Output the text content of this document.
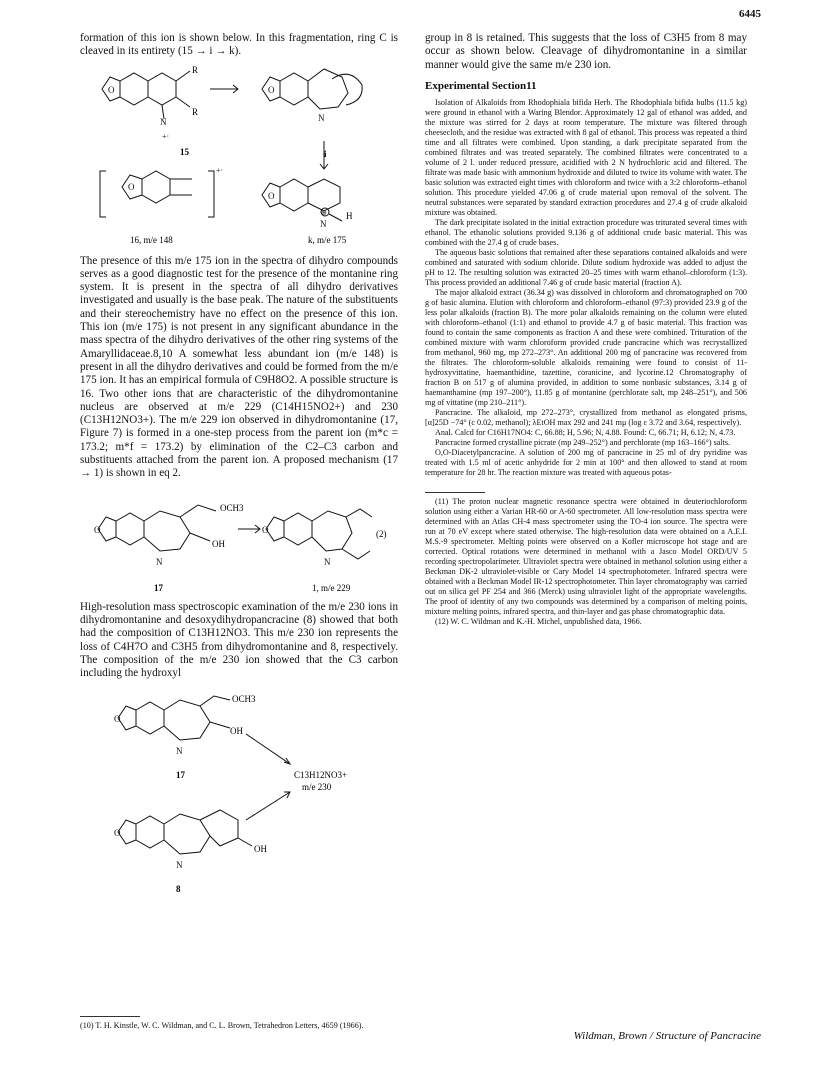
6445

formation of this ion is shown below. In this fragmentation, ring C is cleaved in its entirety (15 → i → k).

O
N
+·
O
N
O
+·
O
⊕
N
R
R
15	i
16, m/e 148	k, m/e 175
H

The presence of this m/e 175 ion in the spectra of dihydro compounds serves as a good diagnostic test for the presence of the montanine ring system. It is present in the spectra of all dihydro derivatives investigated and usually is the base peak. The nature of the substituents and their stereochemistry have no effect on the presence of this ion. This ion (m/e 175) is not present in any significant abundance in the mass spectra of the dihydro derivatives of the other ring systems of the Amaryllidaceae.8,10 A somewhat less abundant ion (m/e 148) is present in all the dihydro derivatives and could be formed from the m/e 175 ion. It has an empirical formula of C9H8O2. A possible structure is 16. Two other ions that are characteristic of the dihydromontanine nucleus are observed at m/e 229 (C14H15NO2+) and 230 (C13H12NO3+). The m/e 229 ion observed in dihydromontanine (17, Figure 7) is formed in a one-step process from the parent ion (m*c = 173.2; m*f = 173.2) by elimination of the C2–C3 carbon and substituents attached from the parent ion. A proposed mechanism (17 → 1) is shown in eq 2.

O
N
O
N
OCH3
OH
(2)
17	1, m/e 229

High-resolution mass spectroscopic examination of the m/e 230 ions in dihydromontanine and desoxydihydropancracine (8) showed that both had the composition of C13H12NO3. This m/e 230 ion represents the loss of C4H7O and C3H5 from dihydromontanine and 8, respectively. The composition of the m/e 230 ion showed that the C3 carbon including the hydroxyl

O
N
O
N
OCH3
OH
OH
17
8
C13H12NO3+
m/e 230

(10) T. H. Kinstle, W. C. Wildman, and C. L. Brown, Tetrahedron Letters, 4659 (1966).

group in 8 is retained. This suggests that the loss of C3H5 from 8 may occur as shown below. Cleavage of dihydromontanine in a similar manner would give the same m/e 230 ion.

Experimental Section11

Isolation of Alkaloids from Rhodophiala bifida Herb. The Rhodophiala bifida bulbs (11.5 kg) were ground in ethanol with a Waring Blendor. Approximately 12 gal of ethanol was added, and the mixture was stirred for 2 days at room temperature. The mixture was filtered through cheesecloth, and the residue was extracted with 8 gal of ethanol. This process was repeated a third time and all filtrates were combined. Upon standing, a dark precipitate separated from the combined filtrates and was treated separately. The combined filtrates were concentrated to a volume of 2 l. under reduced pressure, acidified with 2 N hydrochloric acid and filtered. The filtrate was made basic with ammonium hydroxide and diluted to twice its volume with water. The basic solution was extracted eight times with chloroform and twice with a 3:2 chloroform–ethanol solution. This procedure yielded 47.06 g of crude material upon removal of the solvent. The neutral substances were separated by standard extraction procedures and 27.4 g of crude alkaloid mixture was obtained.

The dark precipitate isolated in the initial extraction procedure was triturated several times with ethanol. The ethanolic solutions provided 9.136 g of additional crude basic material. This was combined with the 27.4 g of crude bases.

The aqueous basic solutions that remained after these separations contained alkaloids and were combined and saturated with sodium chloride. Dilute sodium hydroxide was added to adjust the pH to 12. The resulting solution was extracted 20–25 times with warm ethanol–chloroform (1:3). This process provided an additional 7.46 g of crude basic material (fraction A).

The major alkaloid extract (36.34 g) was dissolved in chloroform and chromatographed on 700 g of basic alumina. Elution with chloroform and chloroform–ethanol (97:3) provided 23.9 g of the less polar alkaloids (fraction B). The more polar alkaloids remaining on the column were eluted with chloroform–ethanol (1:1) and ethanol to provide 4.7 g of basic material. This fraction was found to contain the same components as fraction A and these were combined. Trituration of the combined mixture with warm chloroform provided crude pancracine which was recrystallized from methanol, 960 mg, mp 272–273°. An additional 200 mg of pancracine was recovered from the filtrates. The chloroform-soluble alkaloids remaining were found to consist of 11-hydroxyvittatine, haemanthidine, tazettine, coranicine, and lycorine.12 Chromatography of fraction B on 517 g of alumina provided, in addition to some nonbasic substances, 3.14 g of haemanthamine (mp 197–200°), 11.85 g of montanine (perchlorate salt, mp 248–251°), and 506 mg of vittatine (mp 210–211°).

Pancracine. The alkaloid, mp 272–273°, crystallized from methanol as elongated prisms, [α]25D −74° (c 0.02, methanol); λEtOH max 292 and 241 mμ (log ε 3.72 and 3.64, respectively).

Anal. Calcd for C16H17NO4: C, 66.88; H, 5.96; N, 4.88. Found: C, 66.71; H, 6.12; N, 4.73.

Pancracine formed crystalline picrate (mp 249–252°) and perchlorate (mp 163–166°) salts.

O,O-Diacetylpancracine. A solution of 200 mg of pancracine in 25 ml of dry pyridine was treated with 1.5 ml of acetic anhydride for 2 min at 100° and then allowed to stand at room temperature for 28 hr. The reaction mixture was treated with aqueous potas-

(11) The proton nuclear magnetic resonance spectra were obtained in deuteriochloroform solution using either a Varian HR-60 or A-60 spectrometer. All low-resolution mass spectra were determined with an Atlas CH-4 mass spectrometer using the TO-4 ion source. The spectra were run at 70 eV except where stated otherwise. The high-resolution data were obtained on a A.E.I. M.S.-9 spectrometer. Melting points were observed on a Kofler microscope hot stage and are corrected. Optical rotations were determined in methanol with a Jasco Model ORD/UV 5 recording spectropolarimeter. Ultraviolet spectra were obtained in methanol solution using either a Beckman DK-2 ultraviolet-visible or Cary Model 14 spectrophotometer. Infrared spectra were obtained with a Beckman Model IR-12 spectrophotometer. Thin layer chromatography was carried out on silica gel PF 254 and 366 (Merck) using ultraviolet light of the appropriate wavelengths. The proof of identity of any two compounds was determined by a comparison of melting points, mixture melting points, infrared spectra, and thin-layer and gas phase chromatographic data.

(12) W. C. Wildman and K.-H. Michel, unpublished data, 1966.

Wildman, Brown / Structure of Pancracine
